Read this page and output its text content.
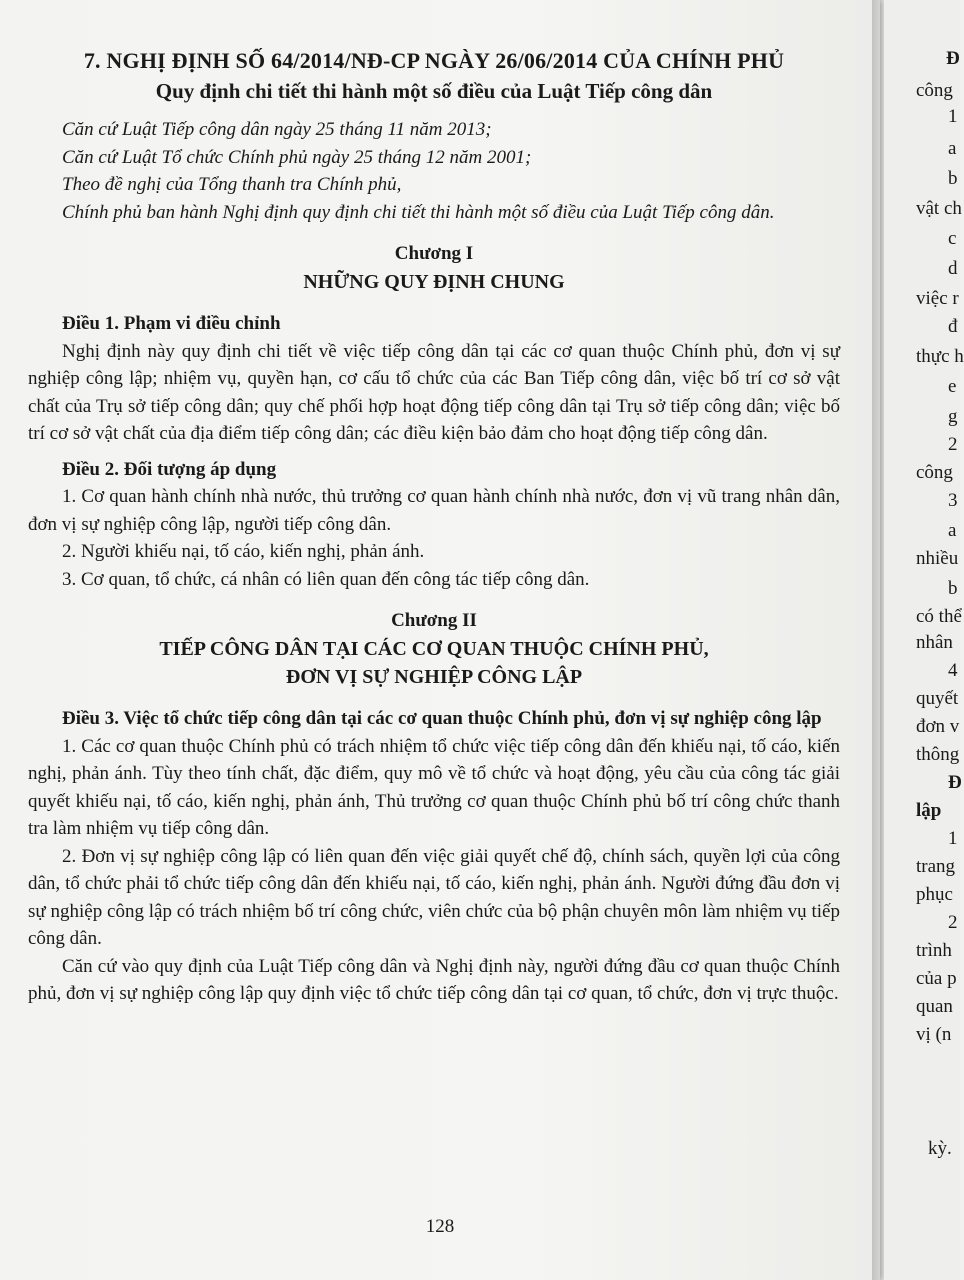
7. NGHỊ ĐỊNH SỐ 64/2014/NĐ-CP NGÀY 26/06/2014 CỦA CHÍNH PHỦ

Quy định chi tiết thi hành một số điều của Luật Tiếp công dân

Căn cứ Luật Tiếp công dân ngày 25 tháng 11 năm 2013;

Căn cứ Luật Tổ chức Chính phủ ngày 25 tháng 12 năm 2001;

Theo đề nghị của Tổng thanh tra Chính phủ,

Chính phủ ban hành Nghị định quy định chi tiết thi hành một số điều của Luật Tiếp công dân.

Chương I

NHỮNG QUY ĐỊNH CHUNG

Điều 1. Phạm vi điều chỉnh

Nghị định này quy định chi tiết về việc tiếp công dân tại các cơ quan thuộc Chính phủ, đơn vị sự nghiệp công lập; nhiệm vụ, quyền hạn, cơ cấu tổ chức của các Ban Tiếp công dân, việc bố trí cơ sở vật chất của Trụ sở tiếp công dân; quy chế phối hợp hoạt động tiếp công dân tại Trụ sở tiếp công dân; việc bố trí cơ sở vật chất của địa điểm tiếp công dân; các điều kiện bảo đảm cho hoạt động tiếp công dân.

Điều 2. Đối tượng áp dụng

1. Cơ quan hành chính nhà nước, thủ trưởng cơ quan hành chính nhà nước, đơn vị vũ trang nhân dân, đơn vị sự nghiệp công lập, người tiếp công dân.

2. Người khiếu nại, tố cáo, kiến nghị, phản ánh.

3. Cơ quan, tổ chức, cá nhân có liên quan đến công tác tiếp công dân.

Chương II

TIẾP CÔNG DÂN TẠI CÁC CƠ QUAN THUỘC CHÍNH PHỦ,

ĐƠN VỊ SỰ NGHIỆP CÔNG LẬP

Điều 3. Việc tổ chức tiếp công dân tại các cơ quan thuộc Chính phủ, đơn vị sự nghiệp công lập

1. Các cơ quan thuộc Chính phủ có trách nhiệm tổ chức việc tiếp công dân đến khiếu nại, tố cáo, kiến nghị, phản ánh. Tùy theo tính chất, đặc điểm, quy mô về tổ chức và hoạt động, yêu cầu của công tác giải quyết khiếu nại, tố cáo, kiến nghị, phản ánh, Thủ trưởng cơ quan thuộc Chính phủ bố trí công chức thanh tra làm nhiệm vụ tiếp công dân.

2. Đơn vị sự nghiệp công lập có liên quan đến việc giải quyết chế độ, chính sách, quyền lợi của công dân, tổ chức phải tổ chức tiếp công dân đến khiếu nại, tố cáo, kiến nghị, phản ánh. Người đứng đầu đơn vị sự nghiệp công lập có trách nhiệm bố trí công chức, viên chức của bộ phận chuyên môn làm nhiệm vụ tiếp công dân.

Căn cứ vào quy định của Luật Tiếp công dân và Nghị định này, người đứng đầu cơ quan thuộc Chính phủ, đơn vị sự nghiệp công lập quy định việc tổ chức tiếp công dân tại cơ quan, tổ chức, đơn vị trực thuộc.

128
Đ
công
1
a
b
vật ch
c
d
việc r
đ
thực h
e
g
2
công
3
a
nhiều
b
có thể
nhân
4
quyết
đơn v
thông
Đ
lập
1
trang
phục
2
trình
của p
quan
vị (n
kỳ.
